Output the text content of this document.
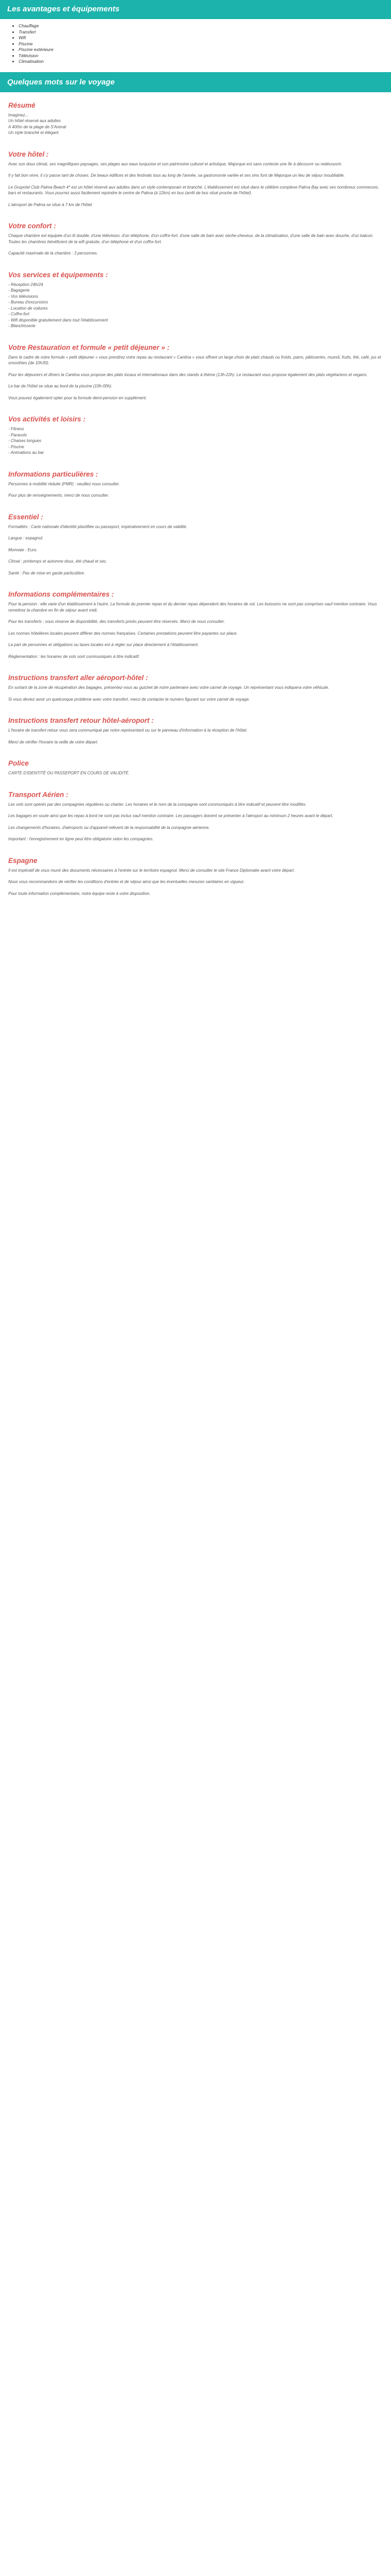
Les avantages et équipements
• Chauffage
• Transfert
• Wifi
• Piscine
• Piscine extérieure
• Télévision
• Climatisation
Quelques mots sur le voyage
Résumé

Imaginez...
Un hôtel réservé aux adultes
A 400m de la plage de S'Arenal
Un style branché et élégant

Votre hôtel :

Avec son doux climat, ses magnifiques paysages, ses plages aux eaux turquoise et son patrimoine culturel et artistique, Majorque est sans conteste une île à découvrir ou redécouvrir.

Il y fait bon vivre, il s'y passe tant de choses. De beaux édifices et des festivals tous au long de l'année, sa gastronomie variée et ses vins font de Majorque un lieu de séjour inoubliable.

Le Grupotel Club Palma Beach 4* est un hôtel réservé aux adultes dans un style contemporain et branché. L'établissement est situé dans le célèbre complexe Palma Bay avec ses nombreux commerces, bars et restaurants. Vous pourrez aussi facilement rejoindre le centre de Palma (à 12km) en bus (arrêt de bus situé proche de l'hôtel).

L'aéroport de Palma se situe à 7 km de l'hôtel.

Votre confort :

Chaque chambre est équipée d'un lit double, d'une télévision, d'un téléphone, d'un coffre-fort, d'une salle de bain avec sèche-cheveux, de la climatisation, d'une salle de bain avec douche, d'un balcon. Toutes les chambres bénéficient de la wifi gratuite, d'un téléphone et d'un coffre-fort.

Capacité maximale de la chambre : 3 personnes.

Vos services et équipements :

- Réception 24h/24
- Bagagerie
- Vos télévisions
- Bureau d'excursions
- Location de voitures
- Coffre-fort
- Wifi disponible gratuitement dans tout l'établissement
- Blanchisserie

Votre Restauration et formule « petit déjeuner » :

Dans le cadre de votre formule « petit déjeuner » vous prendrez votre repas au restaurant « Cantina » vous offrant un large choix de plats chauds ou froids, pains, pâtisseries, muesli, fruits, thé, café, jus et smoothies (de 10h30).

Pour les déjeuners et dîners la Cantina vous propose des plats locaux et internationaux dans des stands à thème (13h-22h). Le restaurant vous propose également des plats végétariens et vegans.

Le bar de l'hôtel se situe au bord de la piscine (10h-00h).

Vous pouvez également opter pour la formule demi-pension en supplément.

Vos activités et loisirs :

- Fitness
- Paravols
- Chaises longues
- Piscine
- Animations au bar

Informations particulières :

Personnes à mobilité réduite (PMR) : veuillez nous consulter.

Pour plus de renseignements, merci de nous consulter.

Essentiel :

Formalités : Carte nationale d'identité plastifiée ou passeport, impérativement en cours de validité.

Langue : espagnol.

Monnaie : Euro.

Climat : printemps et automne doux, été chaud et sec.

Santé : Pas de mise en garde particulière.

Informations complémentaires :

Pour la pension : elle varie d'un établissement à l'autre. La formule du premier repas et du dernier repas dépendent des horaires de vol. Les boissons ne sont pas comprises sauf mention contraire. Vous remettrez la chambre en fin de séjour avant midi.

Pour les transferts : sous réserve de disponibilité, des transferts privés peuvent être réservés. Merci de nous consulter.

Les normes hôtelières locales peuvent différer des normes françaises. Certaines prestations peuvent être payantes sur place.

La part de personnes et obligations ou taxes locales est à régler sur place directement à l'établissement.

Règlementation : les horaires de vols sont communiqués à titre indicatif.

Instructions transfert aller aéroport-hôtel :

En sortant de la zone de récupération des bagages, présentez-vous au guichet de notre partenaire avec votre carnet de voyage. Un représentant vous indiquera votre véhicule.

Si vous deviez avoir un quelconque problème avec votre transfert, merci de contacter le numéro figurant sur votre carnet de voyage.

Instructions transfert retour hôtel-aéroport :

L'horaire de transfert retour vous sera communiqué par notre représentant ou sur le panneau d'information à la réception de l'hôtel.

Merci de vérifier l'horaire la veille de votre départ.

Police

CARTE D'IDENTITÉ OU PASSEPORT EN COURS DE VALIDITÉ.

Transport Aérien :

Les vols sont opérés par des compagnies régulières ou charter. Les horaires et le nom de la compagnie sont communiqués à titre indicatif et peuvent être modifiés.

Les bagages en soute ainsi que les repas à bord ne sont pas inclus sauf mention contraire. Les passagers doivent se présenter à l'aéroport au minimum 2 heures avant le départ.

Les changements d'horaires, d'aéroports ou d'appareil relèvent de la responsabilité de la compagnie aérienne.

Important : l'enregistrement en ligne peut être obligatoire selon les compagnies.

Espagne

Il est impératif de vous munir des documents nécessaires à l'entrée sur le territoire espagnol. Merci de consulter le site France Diplomatie avant votre départ.

Nous vous recommandons de vérifier les conditions d'entrée et de séjour ainsi que les éventuelles mesures sanitaires en vigueur.

Pour toute information complémentaire, notre équipe reste à votre disposition.
